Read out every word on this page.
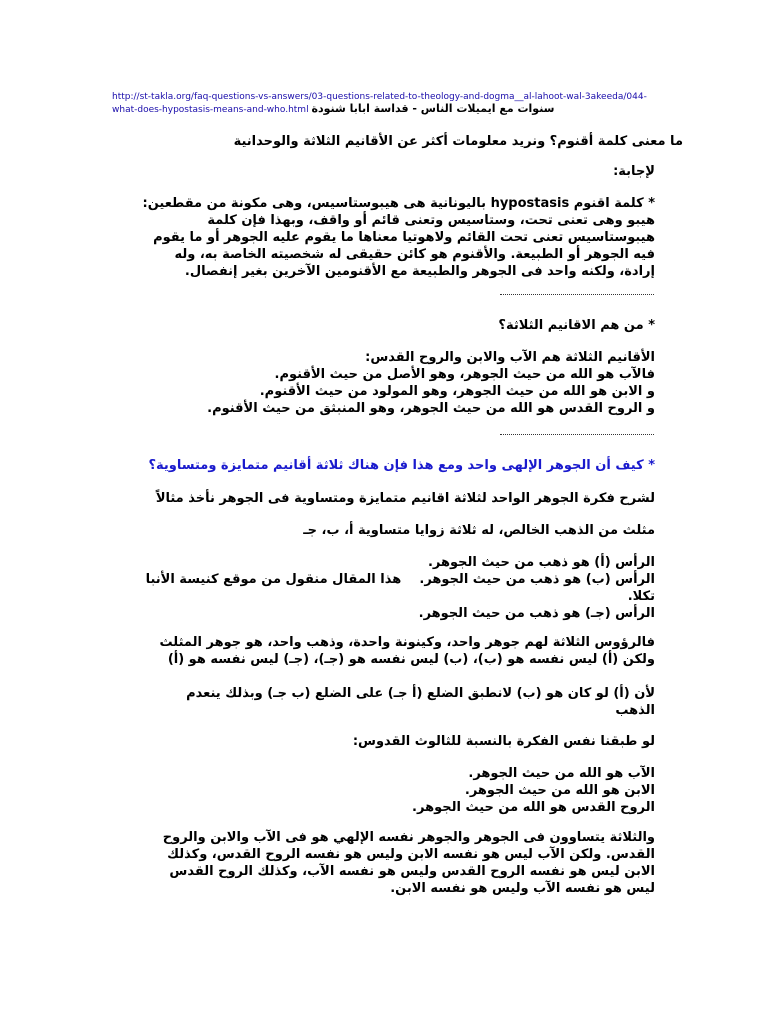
http://st-takla.org/faq-questions-vs-answers/03-questions-related-to-theology-and-dogma__al-lahoot-wal-3akeeda/044-what-does-hypostasis-means-and-who.html سنوات مع ايميلات الناس - قداسة ابابا شنودة
ما معنى كلمة أقنوم؟ ونريد معلومات أكثر عن الأقانيم الثلاثة والوحدانية
لإجابة:
* كلمة اقنوم hypostasis باليونانية هى هيبوستاسيس، وهى مكونة من مقطعين:
هيبو وهى تعنى تحت، وستاسيس وتعنى قائم أو واقف، وبهذا فإن كلمة
هيبوستاسيس تعنى تحت القائم ولاهوتيا معناها ما يقوم عليه الجوهر أو ما يقوم
فيه الجوهر أو الطبيعة. والأقنوم هو كائن حقيقى له شخصيته الخاصة به، وله
إرادة، ولكنه واحد فى الجوهر والطبيعة مع الأقنومين الآخرين بغير إنفصال.
* من هم الاقانيم الثلاثة؟
الأقانيم الثلاثة هم الآب والابن والروح القدس:
فالآب هو الله من حيث الجوهر، وهو الأصل من حيث الأقنوم.
و الابن هو الله من حيث الجوهر، وهو المولود من حيث الأقنوم.
و الروح القدس هو الله من حيث الجوهر، وهو المنبثق من حيث الأقنوم.
* كيف أن الجوهر الإلهى واحد ومع هذا فإن هناك ثلاثة أقانيم متمايزة ومتساوية؟
لشرح فكرة الجوهر الواحد لثلاثة اقانيم متمايزة ومتساوية فى الجوهر نأخذ مثالاً
مثلث من الذهب الخالص، له ثلاثة زوايا متساوية أ، ب، جـ
الرأس (أ) هو ذهب من حيث الجوهر.
الرأس (ب) هو ذهب من حيث الجوهر.    هذا المقال منقول من موقع كنيسة الأنبا
تكلا.
الرأس (جـ) هو ذهب من حيث الجوهر.
فالرؤوس الثلاثة لهم جوهر واحد، وكينونة واحدة، وذهب واحد، هو جوهر المثلث
ولكن (أ) ليس نفسه هو (ب)، (ب) ليس نفسه هو (جـ)، (جـ) ليس نفسه هو (أ)
لأن (أ) لو كان هو (ب) لانطبق الضلع (أ جـ) على الضلع (ب جـ) وبذلك ينعدم
الذهب
لو طبقنا نفس الفكرة بالنسبة للثالوث القدوس:
الآب هو الله من حيث الجوهر.
الابن هو الله من حيث الجوهر.
الروح القدس هو الله من حيث الجوهر.
والثلاثة يتساوون فى الجوهر والجوهر نفسه الإلهي هو فى الآب والابن والروح
القدس. ولكن الآب ليس هو نفسه الابن وليس هو نفسه الروح القدس، وكذلك
الابن ليس هو نفسه الروح القدس وليس هو نفسه الآب، وكذلك الروح القدس
ليس هو نفسه الآب وليس هو نفسه الابن.
